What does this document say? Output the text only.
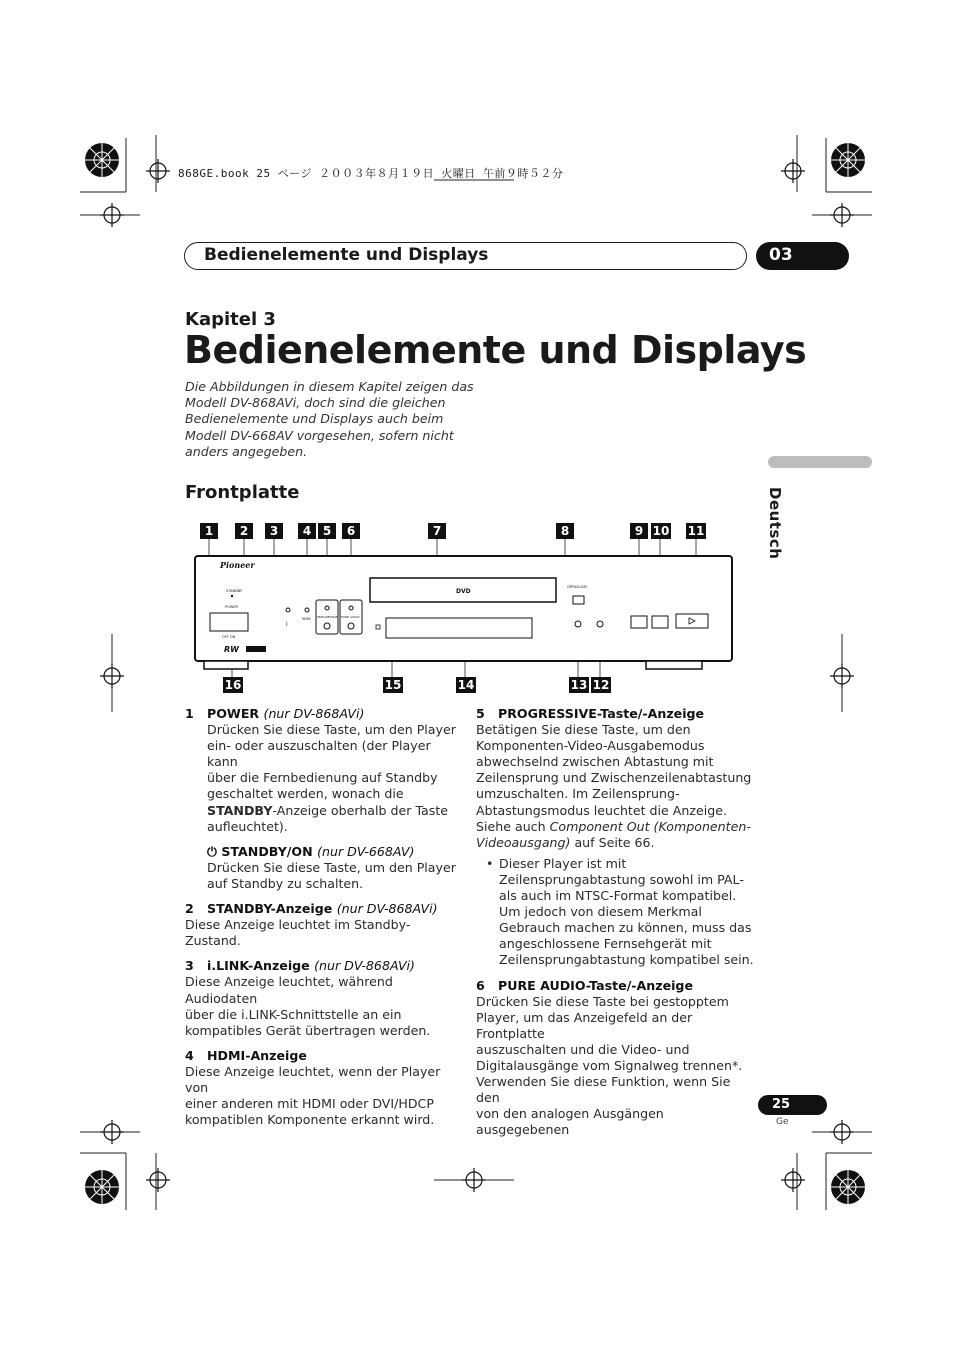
868GE.book 25 ページ ２００３年８月１９日 火曜日 午前９時５２分
Bedienelemente und Displays	03
Kapitel 3
Bedienelemente und Displays
Die Abbildungen in diesem Kapitel zeigen das
Modell DV-868AVi, doch sind die gleichen
Bedienelemente und Displays auch beim
Modell DV-668AV vorgesehen, sofern nicht
anders angegeben.
Deutsch
Frontplatte
Pioneer
STANDBY
POWER
OFF ON
i
HDMI PROGRESSIVE PURE AUDIO
DVD
OPEN/CLOSE
RW
1	2	3	4 5	6	7	8	9 10 11
16	15	14	13 12

1 POWER (nur DV-868AVi)

Drücken Sie diese Taste, um den Player

ein- oder auszuschalten (der Player kann

über die Fernbedienung auf Standby

geschaltet werden, wonach die

STANDBY-Anzeige oberhalb der Taste

aufleuchtet).

⏻ STANDBY/ON (nur DV-668AV)

Drücken Sie diese Taste, um den Player

auf Standby zu schalten.

2 STANDBY-Anzeige (nur DV-868AVi)

Diese Anzeige leuchtet im Standby-Zustand.

3 i.LINK-Anzeige (nur DV-868AVi)

Diese Anzeige leuchtet, während Audiodaten

über die i.LINK-Schnittstelle an ein

kompatibles Gerät übertragen werden.

4 HDMI-Anzeige

Diese Anzeige leuchtet, wenn der Player von

einer anderen mit HDMI oder DVI/HDCP

kompatiblen Komponente erkannt wird.

5 PROGRESSIVE-Taste/-Anzeige

Betätigen Sie diese Taste, um den

Komponenten-Video-Ausgabemodus

abwechselnd zwischen Abtastung mit

Zeilensprung und Zwischenzeilenabtastung

umzuschalten. Im Zeilensprung-

Abtastungsmodus leuchtet die Anzeige.

Siehe auch Component Out (Komponenten-

Videoausgang) auf Seite 66.

• Dieser Player ist mit

Zeilensprungabtastung sowohl im PAL-

als auch im NTSC-Format kompatibel.

Um jedoch von diesem Merkmal

Gebrauch machen zu können, muss das

angeschlossene Fernsehgerät mit

Zeilensprungabtastung kompatibel sein.

6 PURE AUDIO-Taste/-Anzeige

Drücken Sie diese Taste bei gestopptem

Player, um das Anzeigefeld an der Frontplatte

auszuschalten und die Video- und

Digitalausgänge vom Signalweg trennen*.

Verwenden Sie diese Funktion, wenn Sie den

von den analogen Ausgängen ausgegebenen

25
Ge
